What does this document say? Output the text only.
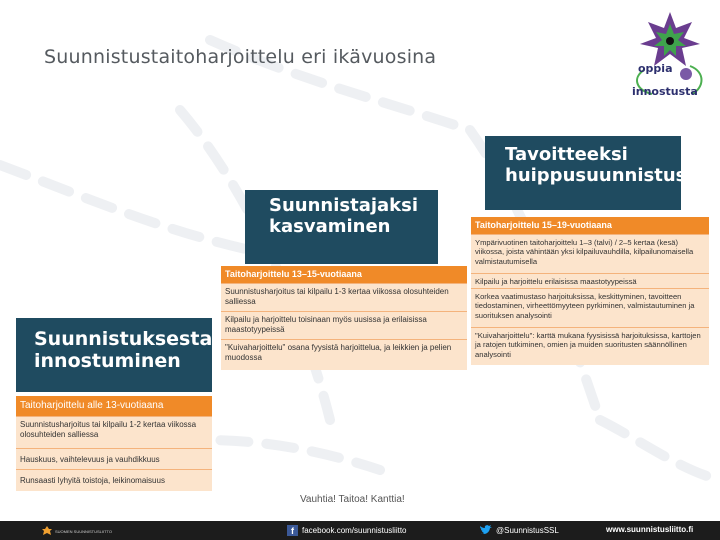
Suunnistustaitoharjoittelu eri ikävuosina
oppia
innostusta
Suunnistuksesta
innostuminen
Taitoharjoittelu alle 13-vuotiaana
Suunnistusharjoitus tai kilpailu 1-2 kertaa viikossa olosuhteiden salliessa
Hauskuus, vaihtelevuus ja vauhdikkuus
Runsaasti lyhyitä toistoja, leikinomaisuus
Suunnistajaksi
kasvaminen
Taitoharjoittelu 13–15-vuotiaana
Suunnistusharjoitus tai kilpailu 1-3 kertaa viikossa olosuhteiden salliessa
Kilpailu ja harjoittelu toisinaan myös uusissa ja erilaisissa maastotyypeissä
"Kuivaharjoittelu" osana fyysistä harjoittelua, ja leikkien ja pelien muodossa
Tavoitteeksi
huippusuunnistus
Taitoharjoittelu 15–19-vuotiaana
Ympärivuotinen taitoharjoittelu 1–3 (talvi) / 2–5 kertaa (kesä) viikossa, joista vähintään yksi kilpailuvauhdilla, kilpailunomaisella valmistautumisella
Kilpailu ja harjoittelu erilaisissa maastotyypeissä
Korkea vaatimustaso harjoituksissa, keskittyminen, tavoitteen tiedostaminen, virheettömyyteen pyrkiminen, valmistautuminen ja suorituksen analysointi
"Kuivaharjoittelu": karttä mukana fyysisissä harjoituksissa, karttojen ja ratojen tutkiminen, omien ja muiden suoritusten säännöllinen analysointi
Vauhtia! Taitoa! Kanttia!
SUOMEN SUUNNISTUSLIITTO	f	facebook.com/suunnistusliitto	@SuunnistusSSL	www.suunnistusliitto.fi
